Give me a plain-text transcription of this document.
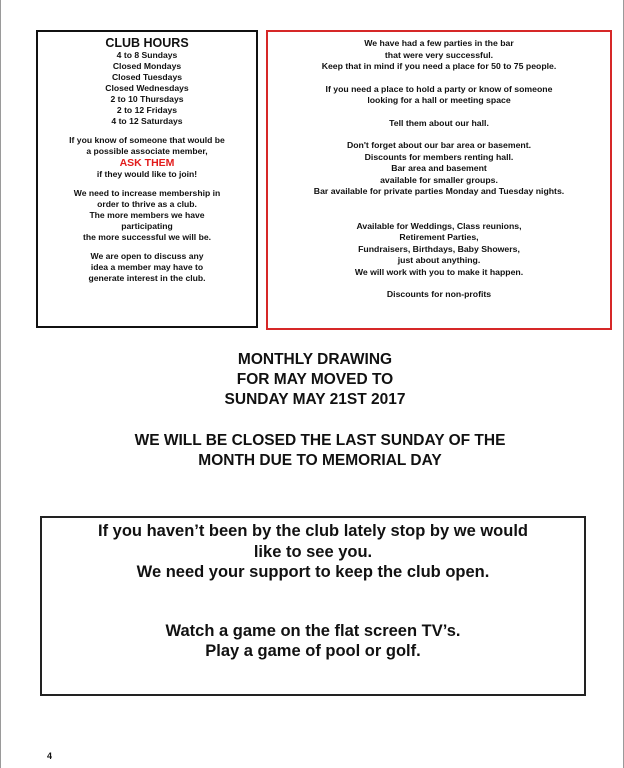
CLUB HOURS
4 to 8 Sundays
Closed Mondays
Closed Tuesdays
Closed Wednesdays
2 to 10 Thursdays
2 to 12 Fridays
4 to 12 Saturdays
If you know of someone that would be
a possible associate member,
ASK THEM
if they would like to join!
We need to increase membership in
order to thrive as a club.
The more members we have
participating
the more successful we will be.
We are open to discuss any
idea a member may have to
generate interest in the club.
We have had a few parties in the bar
that were very successful.
Keep that in mind if you need a place for 50 to 75 people.
If you need a place to hold a party or know of someone
looking for a hall or meeting space
Tell them about our hall.
Don't forget about our bar area or basement.
Discounts for members renting hall.
Bar area and basement
available for smaller groups.
Bar available for private parties Monday and Tuesday nights.
Available for Weddings, Class reunions,
Retirement Parties,
Fundraisers, Birthdays, Baby Showers,
just about anything.
We will work with you to make it happen.
Discounts for non-profits
MONTHLY DRAWING
FOR MAY MOVED TO
SUNDAY MAY 21ST 2017
WE WILL BE CLOSED THE LAST SUNDAY OF THE
MONTH DUE TO MEMORIAL DAY
If you haven’t been by the club lately stop by we would
like to see you.
We need your support to keep the club open.
Watch a game on the flat screen TV’s.
Play a game of pool or golf.
4
